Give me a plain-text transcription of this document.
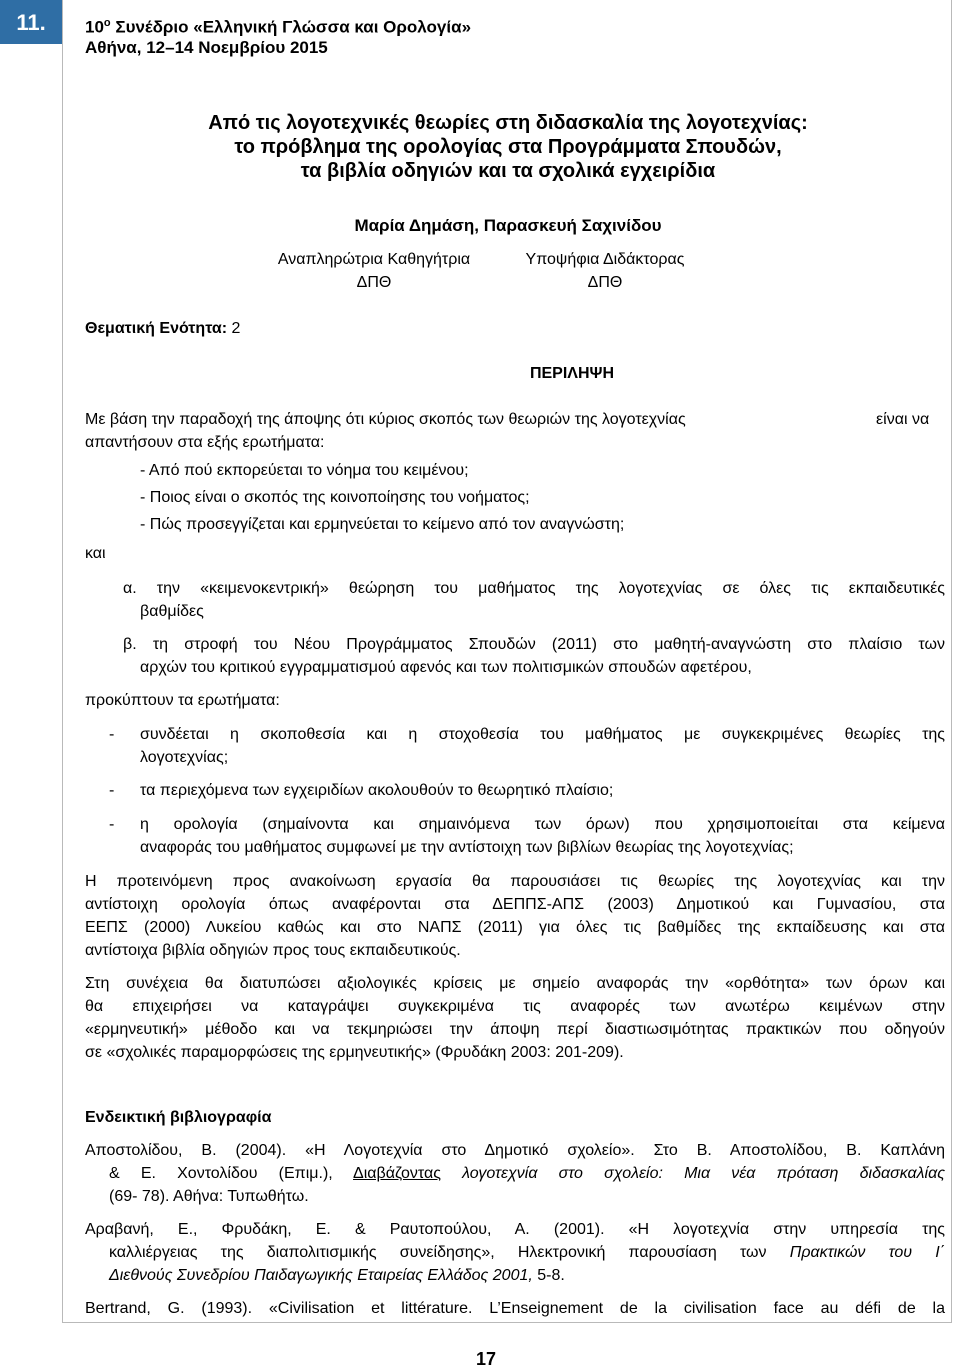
11. $10^o$ Συνέδριο «Ελληνική Γλώσσα και Ορολογία»
Αθήνα, 12–14 Νοεμβρίου 2015
Από τις λογοτεχνικές θεωρίες στη διδασκαλία της λογοτεχνίας:
το πρόβλημα της ορολογίας στα Προγράμματα Σπουδών,
τα βιβλία οδηγιών και τα σχολικά εγχειρίδια
Μαρία Δημάση, Παρασκευή Σαχινίδου
Αναπληρώτρια Καθηγήτρια
ΔΠΘ
Υποψήφια Διδάκτορας
ΔΠΘ
Θεματική Ενότητα: 2
ΠΕΡΙΛΗΨΗ
Με βάση την παραδοχή της άποψης ότι κύριος σκοπός των θεωριών της λογοτεχνίας	είναι να
απαντήσουν στα εξής ερωτήματα:
- Από πού εκπορεύεται το νόημα του κειμένου;
- Ποιος είναι ο σκοπός της κοινοποίησης του νοήματος;
- Πώς προσεγγίζεται και ερμηνεύεται το κείμενο από τον αναγνώστη;
και
α. την «κειμενοκεντρική» θεώρηση του μαθήματος της λογοτεχνίας σε όλες τις εκπαιδευτικές
βαθμίδες
β. τη στροφή του Νέου Προγράμματος Σπουδών (2011) στο μαθητή-αναγνώστη στο πλαίσιο των
αρχών του κριτικού εγγραμματισμού αφενός και των πολιτισμικών σπουδών αφετέρου,
προκύπτουν τα ερωτήματα:
- συνδέεται η σκοποθεσία και η στοχοθεσία του μαθήματος με συγκεκριμένες θεωρίες της
λογοτεχνίας;
- τα περιεχόμενα των εγχειριδίων ακολουθούν το θεωρητικό πλαίσιο;
- η ορολογία (σημαίνοντα και σημαινόμενα των όρων) που χρησιμοποιείται στα κείμενα
αναφοράς του μαθήματος συμφωνεί με την αντίστοιχη των βιβλίων θεωρίας της λογοτεχνίας;
Η προτεινόμενη προς ανακοίνωση εργασία θα παρουσιάσει τις θεωρίες της λογοτεχνίας και την
αντίστοιχη ορολογία όπως αναφέρονται στα ΔΕΠΠΣ-ΑΠΣ (2003) Δημοτικού και Γυμνασίου, στα
ΕΕΠΣ (2000) Λυκείου καθώς και στο ΝΑΠΣ (2011) για όλες τις βαθμίδες της εκπαίδευσης και στα
αντίστοιχα βιβλία οδηγιών προς τους εκπαιδευτικούς.
Στη συνέχεια θα διατυπώσει αξιολογικές κρίσεις με σημείο αναφοράς την «ορθότητα» των όρων και
θα επιχειρήσει να καταγράψει συγκεκριμένα τις αναφορές των ανωτέρω κειμένων στην
«ερμηνευτική» μέθοδο και να τεκμηριώσει την άποψη περί διαστιωσιμότητας πρακτικών που οδηγούν
σε «σχολικές παραμορφώσεις της ερμηνευτικής» (Φρυδάκη 2003: 201-209).
Ενδεικτική βιβλιογραφία
Αποστολίδου, Β. (2004). «Η Λογοτεχνία στο Δημοτικό σχολείο». Στο Β. Αποστολίδου, Β. Καπλάνη
& Ε. Χοντολίδου (Επιμ.), Διαβάζοντας λογοτεχνία στο σχολείο: Μια νέα πρόταση διδασκαλίας
(69- 78). Αθήνα: Τυπωθήτω.
Αραβανή, Ε., Φρυδάκη, Ε. & Ραυτοπούλου, Α. (2001). «Η λογοτεχνία στην υπηρεσία της
καλλιέργειας της διαπολιτισμικής συνείδησης», Ηλεκτρονική παρουσίαση των Πρακτικών του Ι΄
Διεθνούς Συνεδρίου Παιδαγωγικής Εταιρείας Ελλάδος 2001, 5-8.
Bertrand, G. (1993). «Civilisation et littérature. L’Enseignement de la civilisation face au défi de la
17
